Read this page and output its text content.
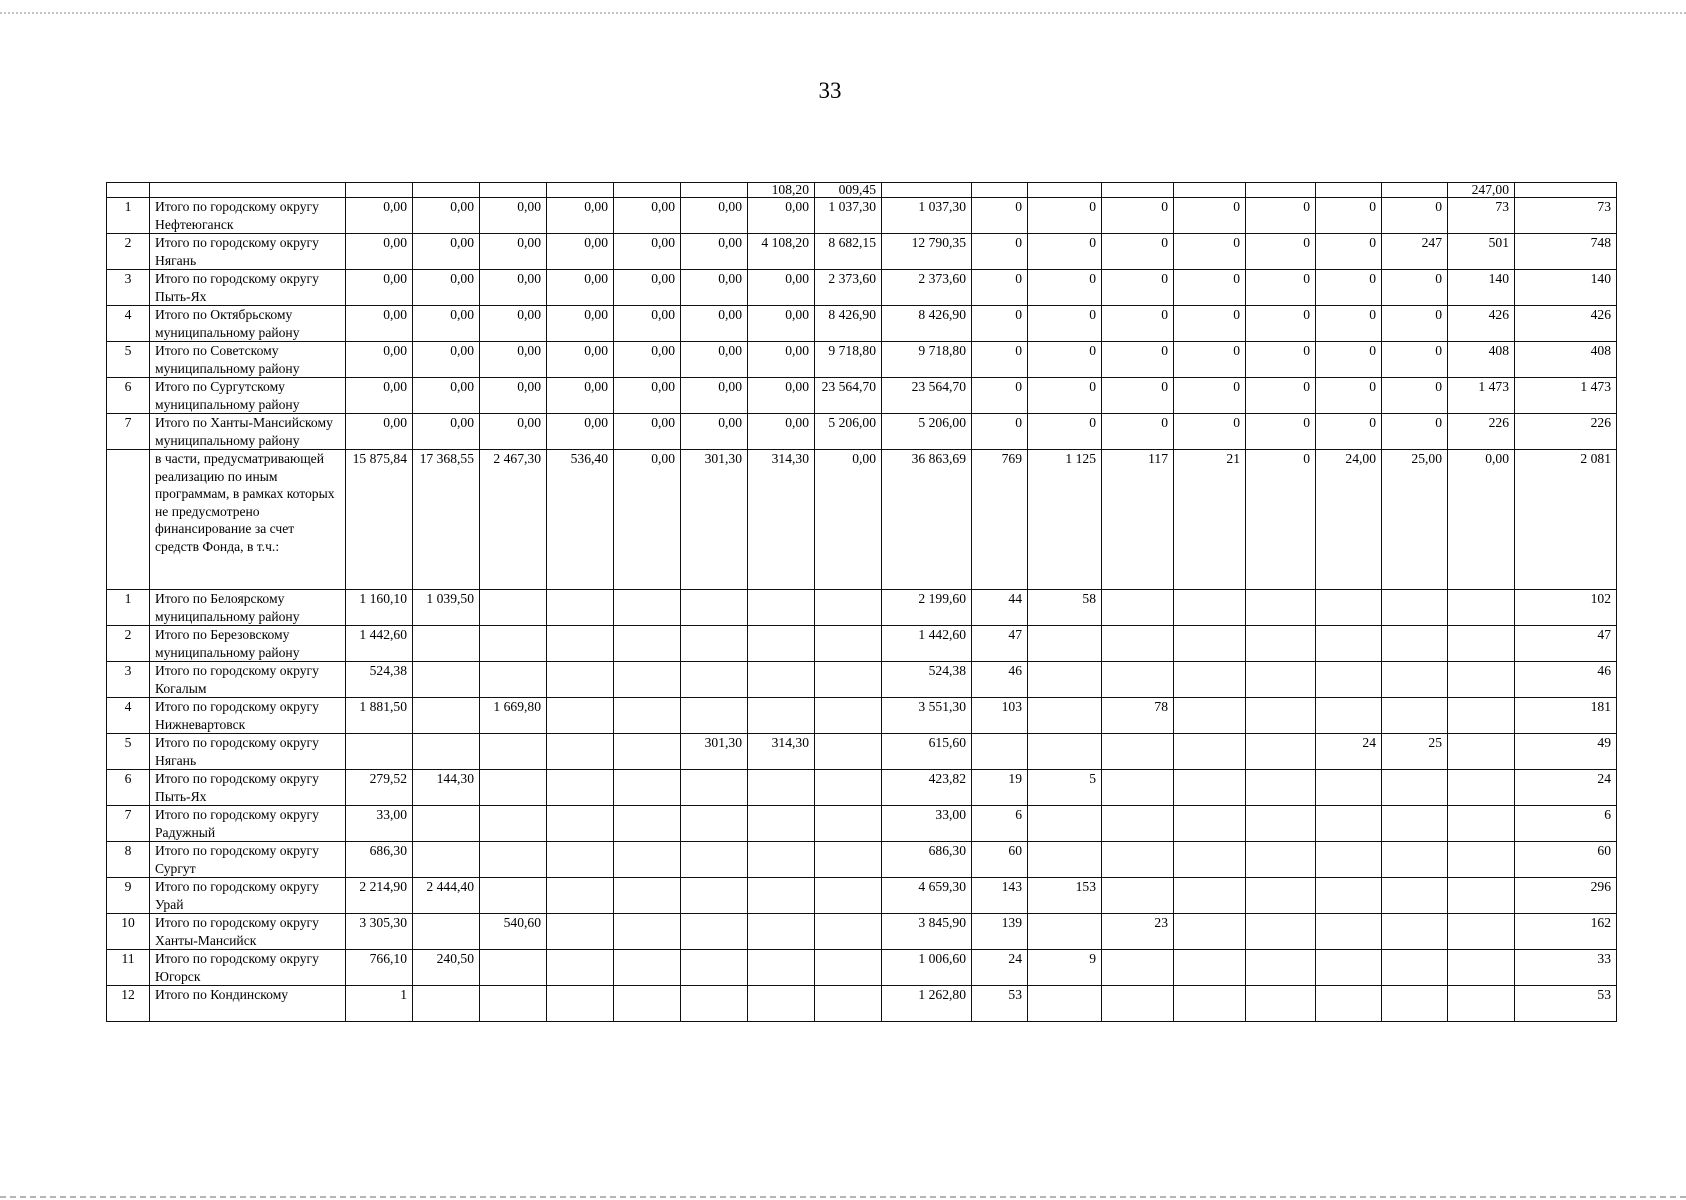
33
								108,20	009,45									247,00	
1	Итого по городскому округу Нефтеюганск	0,00	0,00	0,00	0,00	0,00	0,00	0,00	1 037,30	1 037,30	0	0	0	0	0	0	0	73	73
2	Итого по городскому округу Нягань	0,00	0,00	0,00	0,00	0,00	0,00	4 108,20	8 682,15	12 790,35	0	0	0	0	0	0	247	501	748
3	Итого по городскому округу Пыть-Ях	0,00	0,00	0,00	0,00	0,00	0,00	0,00	2 373,60	2 373,60	0	0	0	0	0	0	0	140	140
4	Итого по Октябрьскому муниципальному району	0,00	0,00	0,00	0,00	0,00	0,00	0,00	8 426,90	8 426,90	0	0	0	0	0	0	0	426	426
5	Итого по Советскому муниципальному району	0,00	0,00	0,00	0,00	0,00	0,00	0,00	9 718,80	9 718,80	0	0	0	0	0	0	0	408	408
6	Итого по Сургутскому муниципальному району	0,00	0,00	0,00	0,00	0,00	0,00	0,00	23 564,70	23 564,70	0	0	0	0	0	0	0	1 473	1 473
7	Итого по Ханты-Мансийскому муниципальному району	0,00	0,00	0,00	0,00	0,00	0,00	0,00	5 206,00	5 206,00	0	0	0	0	0	0	0	226	226
	в части, предусматривающей реализацию по иным программам, в рамках которых не предусмотрено финансирование за счет средств Фонда, в т.ч.:	15 875,84	17 368,55	2 467,30	536,40	0,00	301,30	314,30	0,00	36 863,69	769	1 125	117	21	0	24,00	25,00	0,00	2 081
1	Итого по Белоярскому муниципальному району	1 160,10	1 039,50							2 199,60	44	58							102
2	Итого по Березовскому муниципальному району	1 442,60								1 442,60	47								47
3	Итого по городскому округу Когалым	524,38								524,38	46								46
4	Итого по городскому округу Нижневартовск	1 881,50		1 669,80						3 551,30	103		78						181
5	Итого по городскому округу Нягань						301,30	314,30		615,60						24	25		49
6	Итого по городскому округу Пыть-Ях	279,52	144,30							423,82	19	5							24
7	Итого по городскому округу Радужный	33,00								33,00	6								6
8	Итого по городскому округу Сургут	686,30								686,30	60								60
9	Итого по городскому округу Урай	2 214,90	2 444,40							4 659,30	143	153							296
10	Итого по городскому округу Ханты-Мансийск	3 305,30		540,60						3 845,90	139		23						162
11	Итого по городскому округу Югорск	766,10	240,50							1 006,60	24	9							33
12	Итого по Кондинскому	1								1 262,80	53								53
